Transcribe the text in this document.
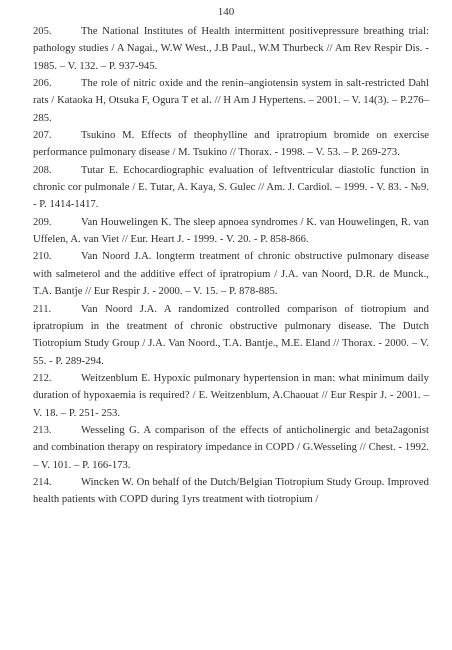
140
205.	The National Institutes of Health intermittent positivepressure breathing trial: pathology studies / A Nagai., W.W West., J.B Paul., W.M Thurbeck // Am Rev Respir Dis. - 1985. – V. 132. – P. 937-945.
206.	The role of nitric oxide and the renin–angiotensin system in salt-restricted Dahl rats / Kataoka H, Otsuka F, Ogura T et al. // H Am J Hypertens. – 2001. – V. 14(3). – P.276–285.
207.	Tsukino M. Effects of theophylline and ipratropium bromide on exercise performance pulmonary disease / M. Tsukino // Thorax. - 1998. – V. 53. – P. 269-273.
208.	Tutar E. Echocardiographic evaluation of leftventricular diastolic function in chronic cor pulmonale / E. Tutar, A. Kaya, S. Gulec // Am. J. Cardiol. – 1999. - V. 83. - №9. - P. 1414-1417.
209.	Van Houwelingen K. The sleep apnoea syndromes / K. van Houwelingen, R. van Uffelen, A. van Viet // Eur. Heart J. - 1999. - V. 20. - P. 858-866.
210.	Van Noord J.A. longterm treatment of chronic obstructive pulmonary disease with salmeterol and the additive effect of ipratropium / J.A. van Noord, D.R. de Munck., T.A. Bantje // Eur Respir J. - 2000. – V. 15. – P. 878-885.
211.	Van Noord J.A. A randomized controlled comparison of tiotropium and ipratropium in the treatment of chronic obstructive pulmonary disease. The Dutch Tiotropium Study Group / J.A. Van Noord., T.A. Bantje., M.E. Eland // Thorax. - 2000. – V. 55. - P. 289-294.
212.	Weitzenblum E. Hypoxic pulmonary hypertension in man: what minimum daily duration of hypoxaemia is required? / E. Weitzenblum, A.Chaouat // Eur Respir J. - 2001. – V. 18. – P. 251- 253.
213.	Wesseling G. A comparison of the effects of anticholinergic and beta2agonist and combination therapy on respiratory impedance in COPD / G.Wesseling // Chest. - 1992. – V. 101. – P. 166-173.
214.	Wincken W. On behalf of the Dutch/Belgian Tiotropium Study Group. Improved health patients with COPD during 1yrs treatment with tiotropium /
